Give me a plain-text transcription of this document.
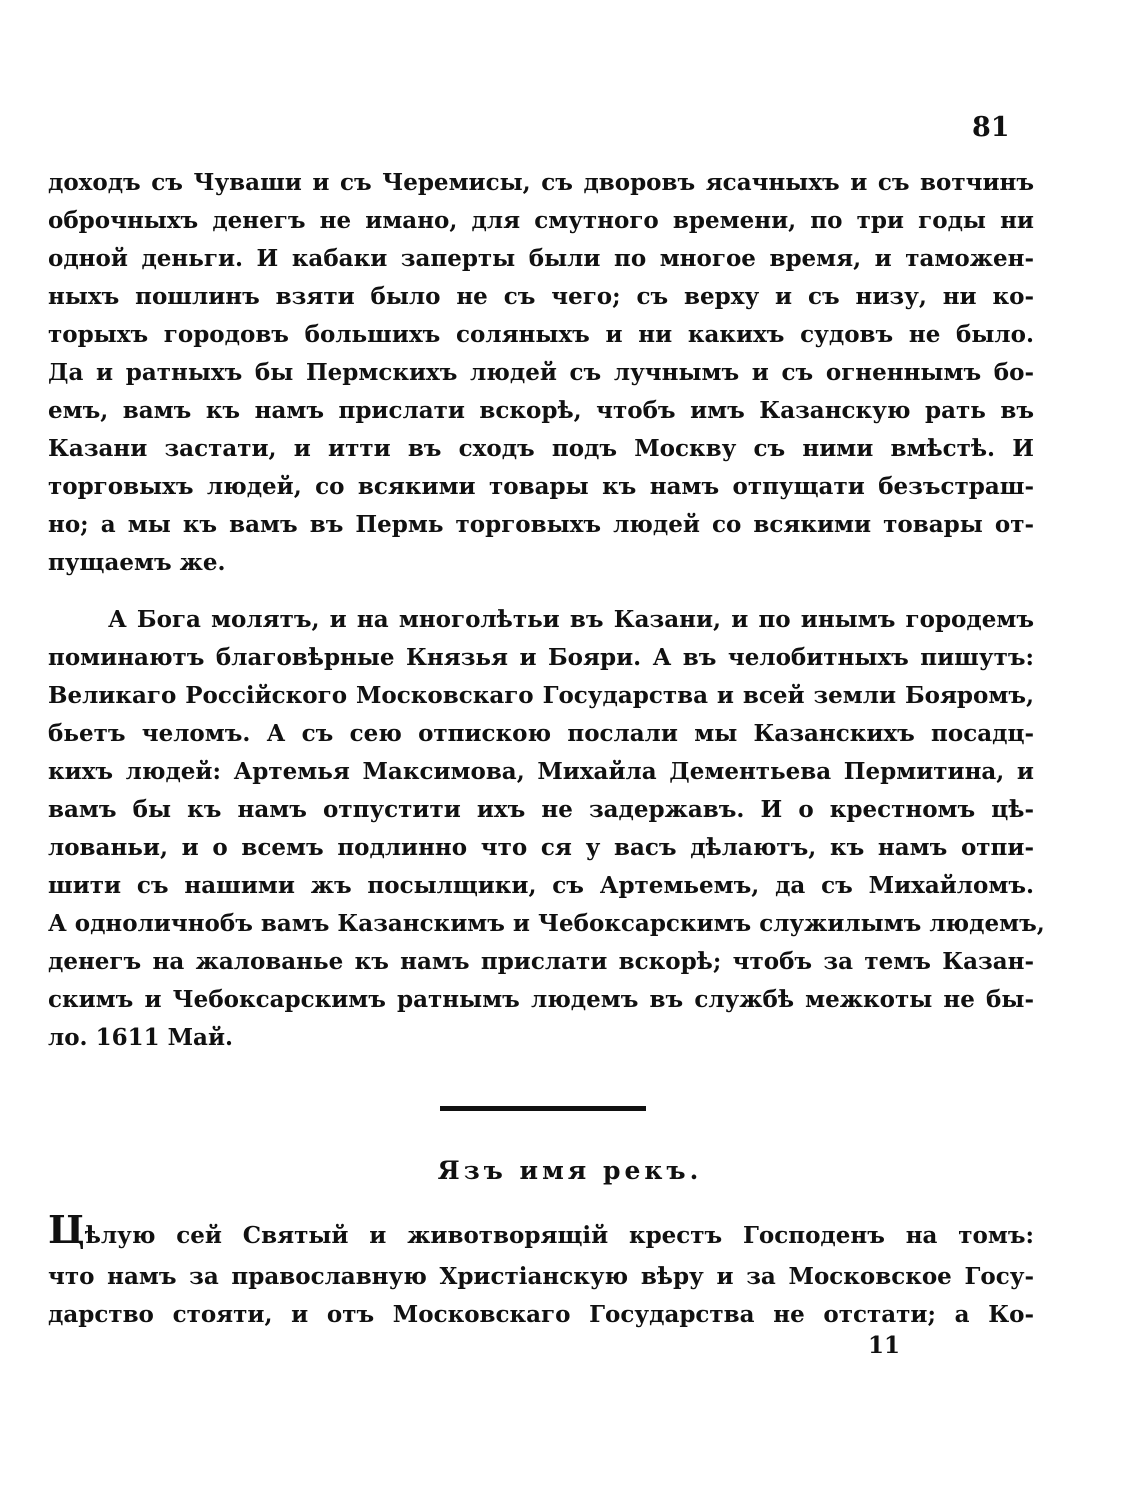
81
доходъ съ Чуваши и съ Черемисы, съ дворовъ ясачныхъ и съ вотчинъ
оброчныхъ денегъ не имано, для смутного времени, по три годы ни
одной деньги. И кабаки заперты были по многое время, и таможен-
ныхъ пошлинъ взяти было не съ чего; съ верху и съ низу, ни ко-
торыхъ городовъ большихъ соляныхъ и ни какихъ судовъ не было.
Да и ратныхъ бы Пермскихъ людей съ лучнымъ и съ огненнымъ бо-
емъ, вамъ къ намъ прислати вскорѣ, чтобъ имъ Казанскую рать въ
Казани застати, и итти въ сходъ подъ Москву съ ними вмѣстѣ. И
торговыхъ людей, со всякими товары къ намъ отпущати безъстраш-
но; а мы къ вамъ въ Пермь торговыхъ людей со всякими товары от-
пущаемъ же.
А Бога молятъ, и на многолѣтьи въ Казани, и по инымъ городемъ
поминаютъ благовѣрные Князья и Бояри. А въ челобитныхъ пишутъ:
Великаго Россійского Московскаго Государства и всей земли Бояромъ,
бьетъ челомъ. А съ сею отпискою послали мы Казанскихъ посадц-
кихъ людей: Артемья Максимова, Михайла Дементьева Пермитина, и
вамъ бы къ намъ отпустити ихъ не задержавъ. И о крестномъ цѣ-
лованьи, и о всемъ подлинно что ся у васъ дѣлаютъ, къ намъ отпи-
шити съ нашими жъ посылщики, съ Артемьемъ, да съ Михайломъ.
А одноличнобъ вамъ Казанскимъ и Чебоксарскимъ служилымъ людемъ,
денегъ на жалованье къ намъ прислати вскорѣ; чтобъ за темъ Казан-
скимъ и Чебоксарскимъ ратнымъ людемъ въ службѣ межкоты не бы-
ло. 1611 Май.
Язъ имя рекъ.
Цѣлую сей Святый и животворящій крестъ Господенъ на томъ:
что намъ за православную Христіанскую вѣру и за Московское Госу-
дарство стояти, и отъ Московскаго Государства не отстати; а Ко-
11
